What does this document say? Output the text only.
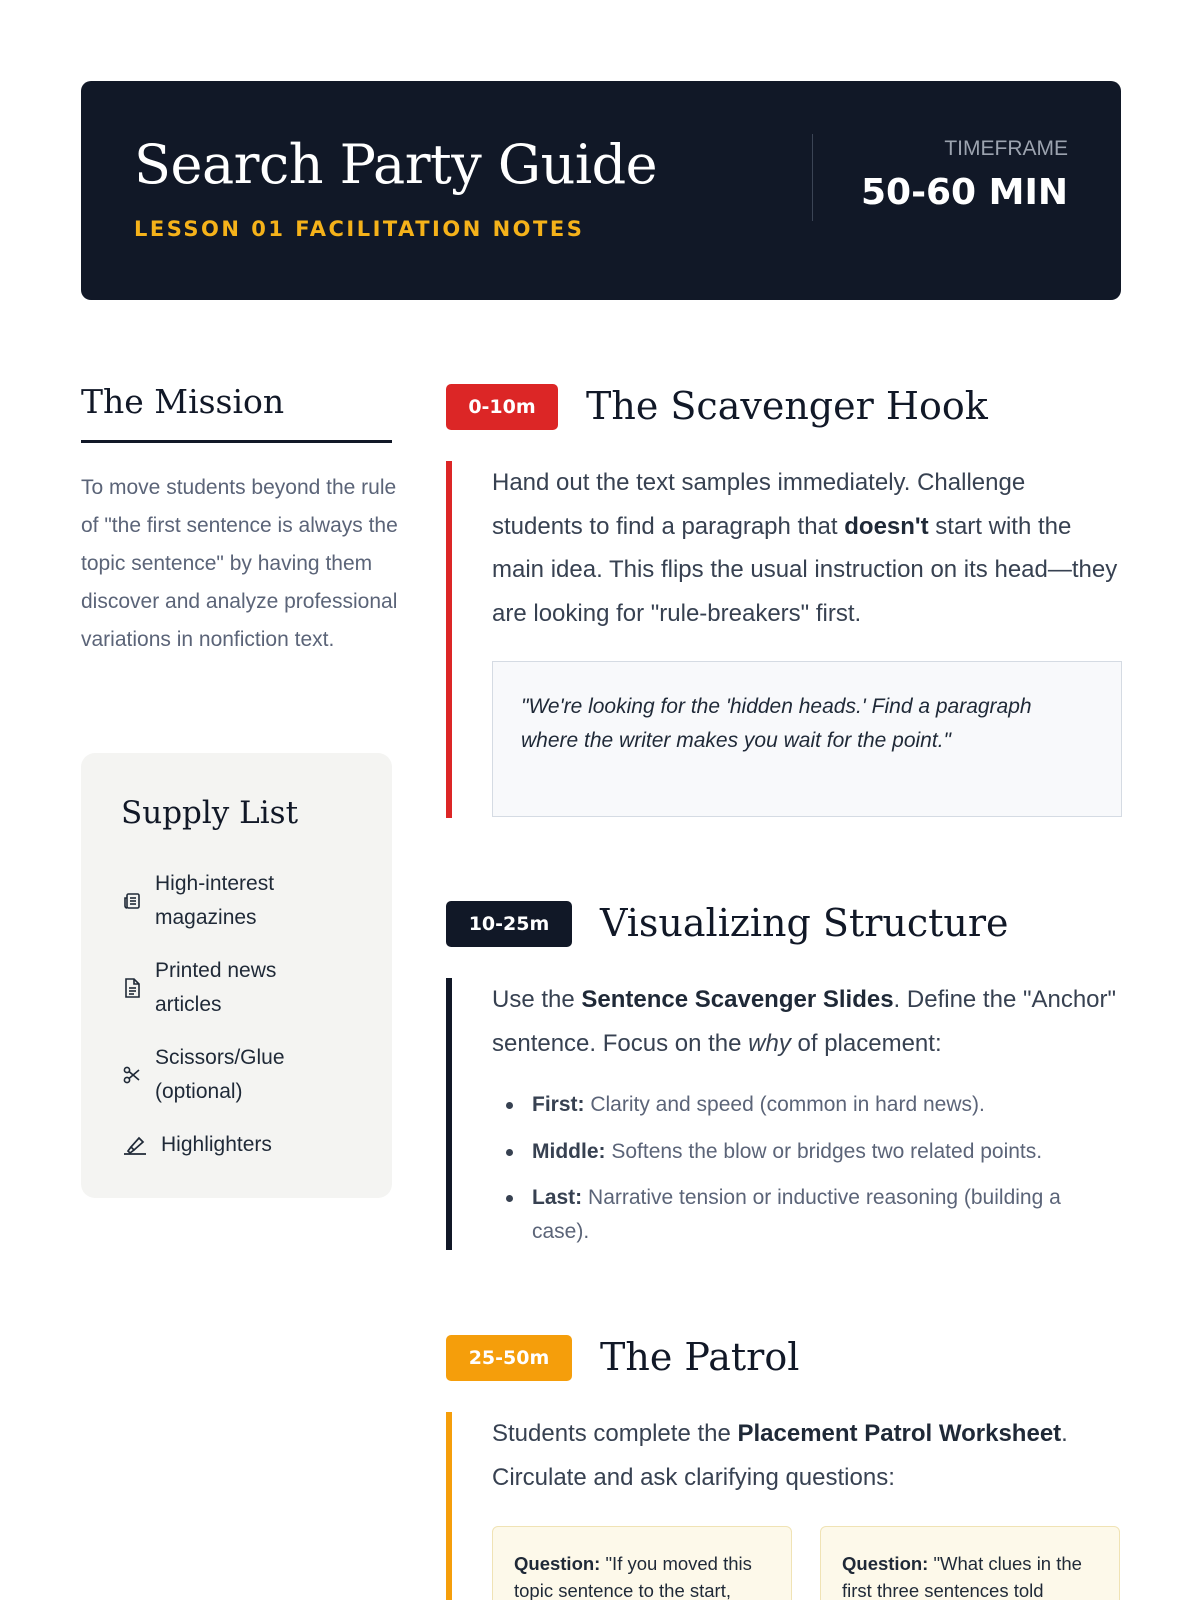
Search Party Guide
LESSON 01 FACILITATION NOTES
TIMEFRAME
50-60 MIN
The Mission
To move students beyond the rule of "the first sentence is always the topic sentence" by having them discover and analyze professional variations in nonfiction text.
Supply List
High-interest magazines
Printed news articles
Scissors/Glue (optional)
Highlighters
0-10m	The Scavenger Hook
Hand out the text samples immediately. Challenge students to find a paragraph that doesn't start with the main idea. This flips the usual instruction on its head—they are looking for "rule-breakers" first.
"We're looking for the 'hidden heads.' Find a paragraph where the writer makes you wait for the point."
10-25m	Visualizing Structure
Use the Sentence Scavenger Slides. Define the "Anchor" sentence. Focus on the why of placement:
First: Clarity and speed (common in hard news).
Middle: Softens the blow or bridges two related points.
Last: Narrative tension or inductive reasoning (building a case).
25-50m	The Patrol
Students complete the Placement Patrol Worksheet. Circulate and ask clarifying questions:
Question: "If you moved this topic sentence to the start,
Question: "What clues in the first three sentences told
